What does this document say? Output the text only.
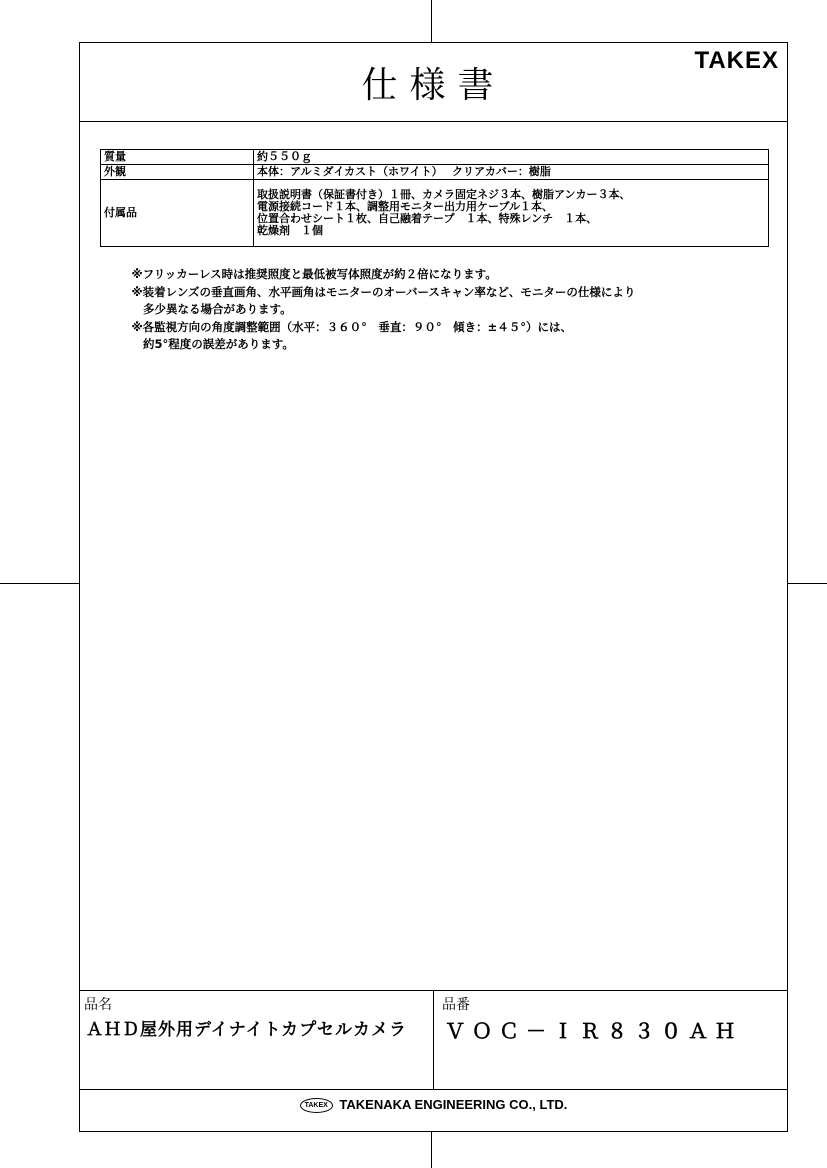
仕様書
TAKEX
質量	約５５０ｇ
外観	本体：アルミダイカスト（ホワイト）　 クリアカバー：樹脂
付属品	取扱説明書（保証書付き）１冊、カメラ固定ネジ３本、樹脂アンカー３本、
電源接続コード１本、調整用モニター出力用ケーブル１本、
位置合わせシート１枚、自己融着テープ　１本、特殊レンチ　１本、
乾燥剤　１個
　※フリッカーレス時は推奨照度と最低被写体照度が約２倍になります。
　※装着レンズの垂直画角、水平画角はモニターのオーバースキャン率など、モニターの仕様により
　　多少異なる場合があります。
　※各監視方向の角度調整範囲（水平：３６０°　垂直：９０°　傾き：±４５°）には、
　　約5°程度の誤差があります。
品名
ＡＨＤ屋外用デイナイトカプセルカメラ
品番
ＶＯＣ－ＩＲ８３０ＡＨ
TAKEX TAKENAKA ENGINEERING CO., LTD.
